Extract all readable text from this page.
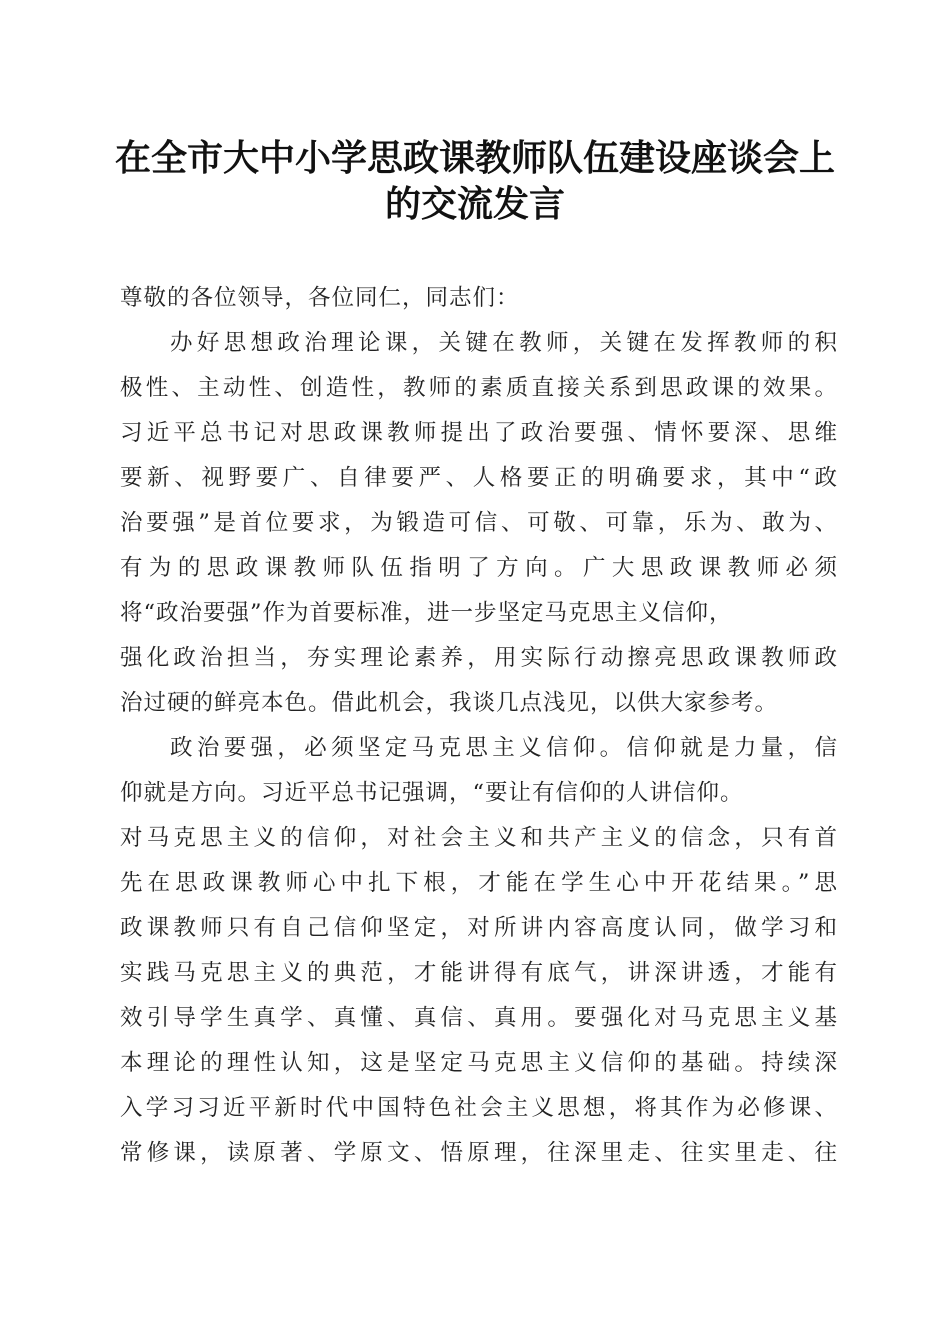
在全市大中小学思政课教师队伍建设座谈会上
的交流发言
尊敬的各位领导，各位同仁，同志们：
办好思想政治理论课，关键在教师，关键在发挥教师的积
极性、主动性、创造性，教师的素质直接关系到思政课的效果。
习近平总书记对思政课教师提出了政治要强、情怀要深、思维
要新、视野要广、自律要严、人格要正的明确要求，其中“政
治要强”是首位要求，为锻造可信、可敬、可靠，乐为、敢为、
有为的思政课教师队伍指明了方向。广大思政课教师必须
将“政治要强”作为首要标准，进一步坚定马克思主义信仰，
强化政治担当，夯实理论素养，用实际行动擦亮思政课教师政
治过硬的鲜亮本色。借此机会，我谈几点浅见，以供大家参考。
政治要强，必须坚定马克思主义信仰。信仰就是力量，信
仰就是方向。习近平总书记强调，“要让有信仰的人讲信仰。
对马克思主义的信仰，对社会主义和共产主义的信念，只有首
先在思政课教师心中扎下根，才能在学生心中开花结果。”思
政课教师只有自己信仰坚定，对所讲内容高度认同，做学习和
实践马克思主义的典范，才能讲得有底气，讲深讲透，才能有
效引导学生真学、真懂、真信、真用。要强化对马克思主义基
本理论的理性认知，这是坚定马克思主义信仰的基础。持续深
入学习习近平新时代中国特色社会主义思想，将其作为必修课、
常修课，读原著、学原文、悟原理，往深里走、往实里走、往
